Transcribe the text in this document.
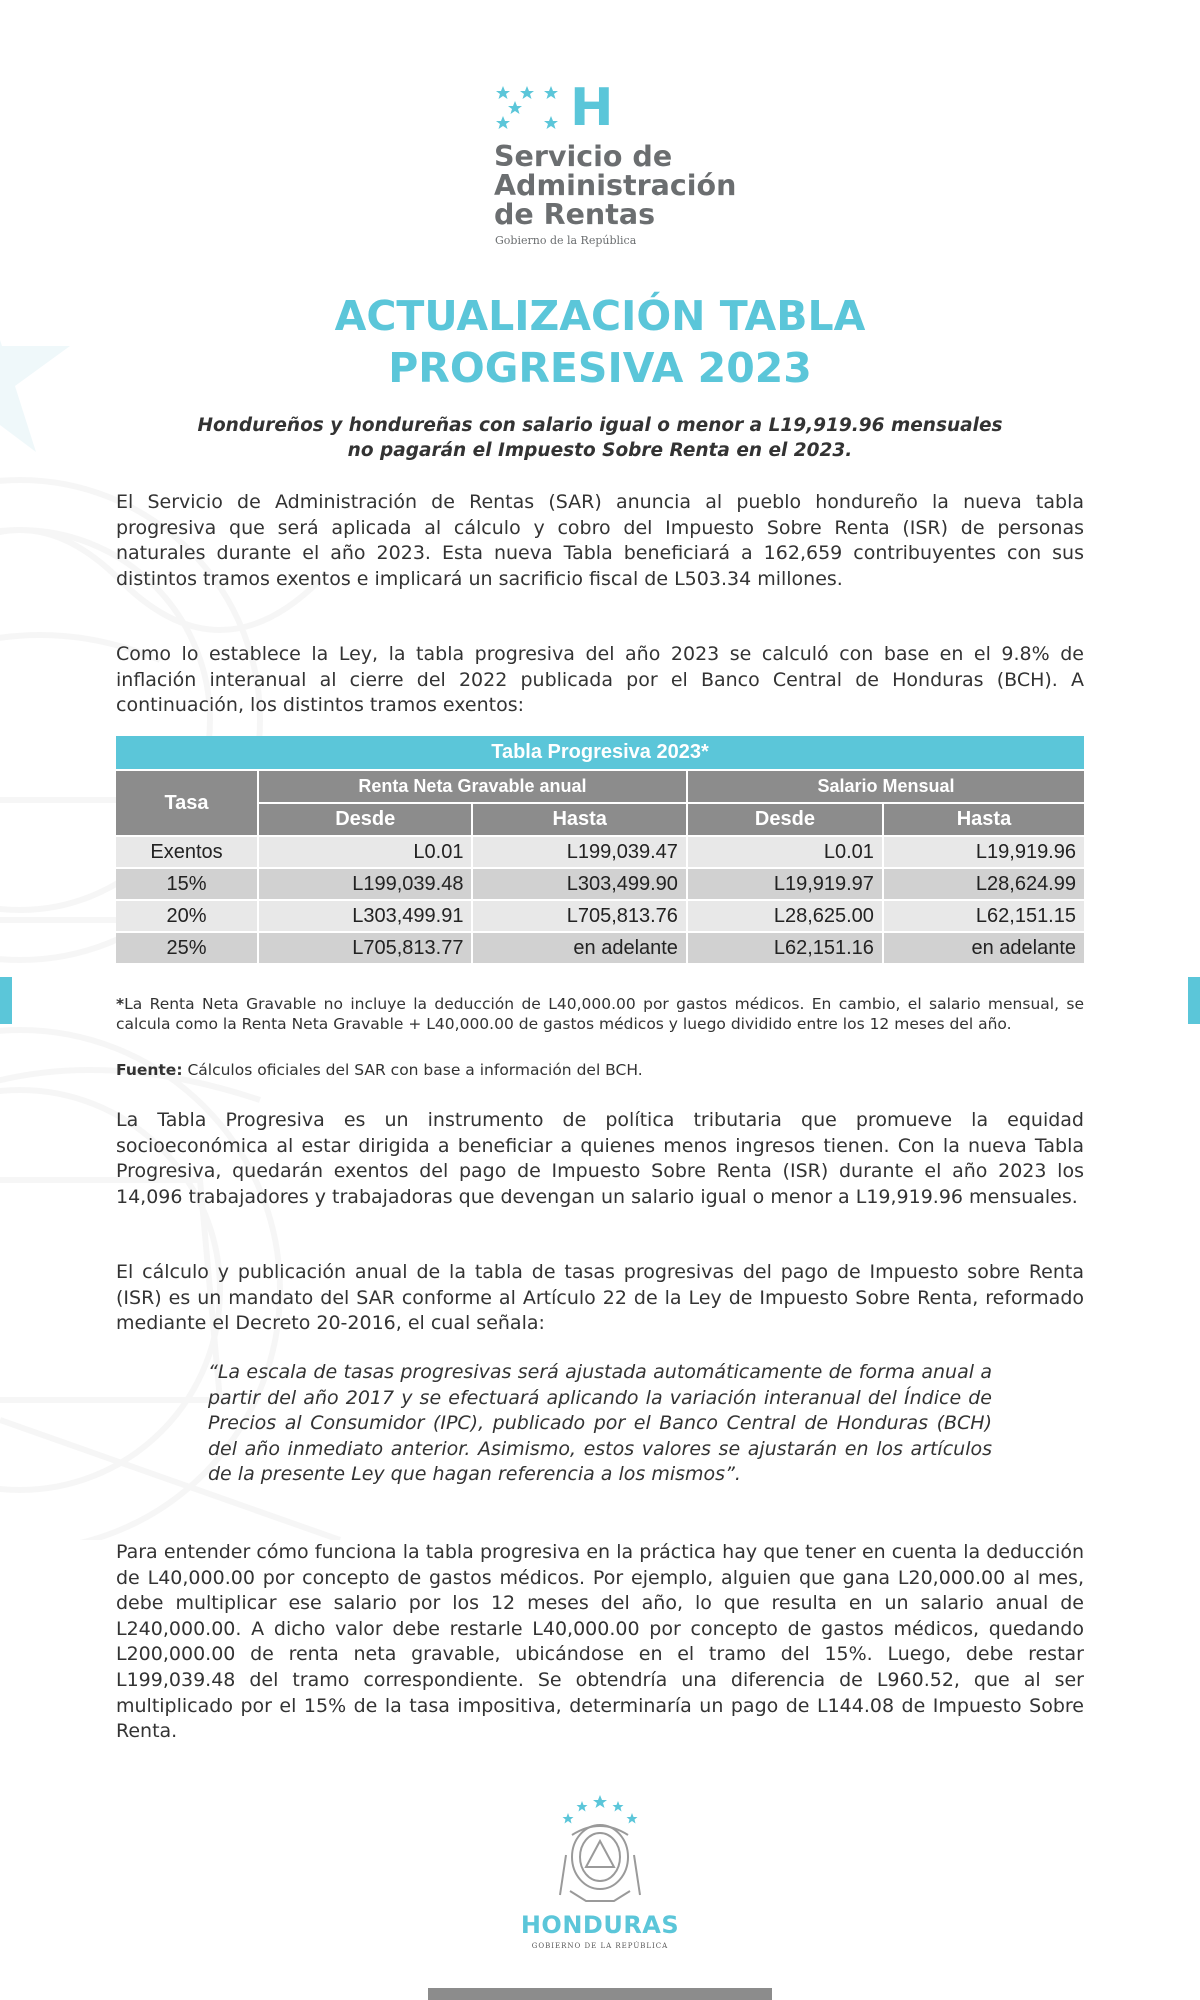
H
Servicio de
Administración
de Rentas
Gobierno de la República
ACTUALIZACIÓN TABLA
PROGRESIVA 2023
Hondureños y hondureñas con salario igual o menor a L19,919.96 mensuales
no pagarán el Impuesto Sobre Renta en el 2023.

El Servicio de Administración de Rentas (SAR) anuncia al pueblo hondureño la nueva tabla progresiva que será aplicada al cálculo y cobro del Impuesto Sobre Renta (ISR) de personas naturales durante el año 2023. Esta nueva Tabla beneficiará a 162,659 contribuyentes con sus distintos tramos exentos e implicará un sacrificio fiscal de L503.34 millones.

Como lo establece la Ley, la tabla progresiva del año 2023 se calculó con base en el 9.8% de inflación interanual al cierre del 2022 publicada por el Banco Central de Honduras (BCH). A continuación, los distintos tramos exentos:

Tabla Progresiva 2023*				
Tasa	Renta Neta Gravable anual		Salario Mensual	
	Desde	Hasta	Desde	Hasta
Exentos	L0.01	L199,039.47	L0.01	L19,919.96
15%	L199,039.48	L303,499.90	L19,919.97	L28,624.99
20%	L303,499.91	L705,813.76	L28,625.00	L62,151.15
25%	L705,813.77	en adelante	L62,151.16	en adelante

*La Renta Neta Gravable no incluye la deducción de L40,000.00 por gastos médicos. En cambio, el salario mensual, se calcula como la Renta Neta Gravable + L40,000.00 de gastos médicos y luego dividido entre los 12 meses del año.

Fuente: Cálculos oficiales del SAR con base a información del BCH.

La Tabla Progresiva es un instrumento de política tributaria que promueve la equidad socioeconómica al estar dirigida a beneficiar a quienes menos ingresos tienen. Con la nueva Tabla Progresiva, quedarán exentos del pago de Impuesto Sobre Renta (ISR) durante el año 2023 los 14,096 trabajadores y trabajadoras que devengan un salario igual o menor a L19,919.96 mensuales.

El cálculo y publicación anual de la tabla de tasas progresivas del pago de Impuesto sobre Renta (ISR) es un mandato del SAR conforme al Artículo 22 de la Ley de Impuesto Sobre Renta, reformado mediante el Decreto 20-2016, el cual señala:

“La escala de tasas progresivas será ajustada automáticamente de forma anual a partir del año 2017 y se efectuará aplicando la variación interanual del Índice de Precios al Consumidor (IPC), publicado por el Banco Central de Honduras (BCH) del año inmediato anterior. Asimismo, estos valores se ajustarán en los artículos de la presente Ley que hagan referencia a los mismos”.

Para entender cómo funciona la tabla progresiva en la práctica hay que tener en cuenta la deducción de L40,000.00 por concepto de gastos médicos. Por ejemplo, alguien que gana L20,000.00 al mes, debe multiplicar ese salario por los 12 meses del año, lo que resulta en un salario anual de L240,000.00. A dicho valor debe restarle L40,000.00 por concepto de gastos médicos, quedando L200,000.00 de renta neta gravable, ubicándose en el tramo del 15%. Luego, debe restar L199,039.48 del tramo correspondiente. Se obtendría una diferencia de L960.52, que al ser multiplicado por el 15% de la tasa impositiva, determinaría un pago de L144.08 de Impuesto Sobre Renta.

HONDURAS
GOBIERNO DE LA REPÚBLICA
